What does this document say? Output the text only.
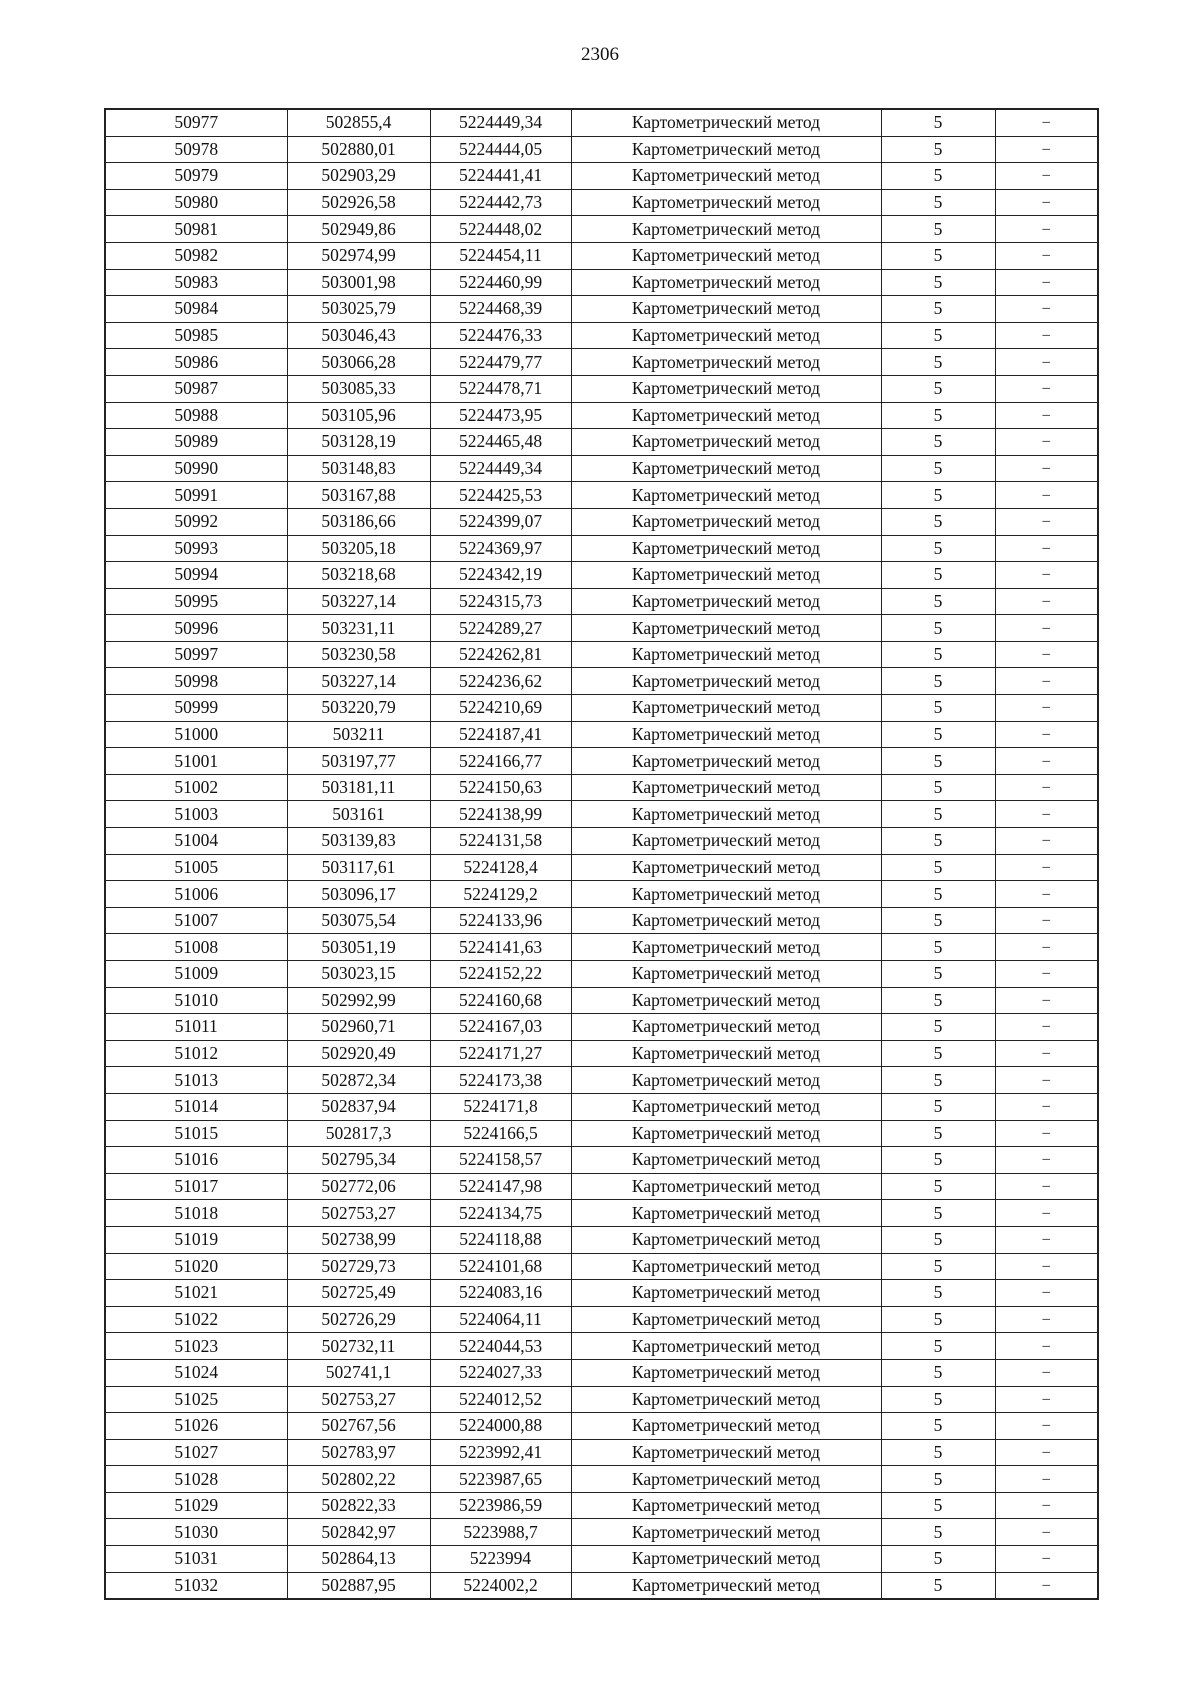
2306
50977	502855,4	5224449,34	Картометрический метод	5	–
50978	502880,01	5224444,05	Картометрический метод	5	–
50979	502903,29	5224441,41	Картометрический метод	5	–
50980	502926,58	5224442,73	Картометрический метод	5	–
50981	502949,86	5224448,02	Картометрический метод	5	–
50982	502974,99	5224454,11	Картометрический метод	5	–
50983	503001,98	5224460,99	Картометрический метод	5	–
50984	503025,79	5224468,39	Картометрический метод	5	–
50985	503046,43	5224476,33	Картометрический метод	5	–
50986	503066,28	5224479,77	Картометрический метод	5	–
50987	503085,33	5224478,71	Картометрический метод	5	–
50988	503105,96	5224473,95	Картометрический метод	5	–
50989	503128,19	5224465,48	Картометрический метод	5	–
50990	503148,83	5224449,34	Картометрический метод	5	–
50991	503167,88	5224425,53	Картометрический метод	5	–
50992	503186,66	5224399,07	Картометрический метод	5	–
50993	503205,18	5224369,97	Картометрический метод	5	–
50994	503218,68	5224342,19	Картометрический метод	5	–
50995	503227,14	5224315,73	Картометрический метод	5	–
50996	503231,11	5224289,27	Картометрический метод	5	–
50997	503230,58	5224262,81	Картометрический метод	5	–
50998	503227,14	5224236,62	Картометрический метод	5	–
50999	503220,79	5224210,69	Картометрический метод	5	–
51000	503211	5224187,41	Картометрический метод	5	–
51001	503197,77	5224166,77	Картометрический метод	5	–
51002	503181,11	5224150,63	Картометрический метод	5	–
51003	503161	5224138,99	Картометрический метод	5	–
51004	503139,83	5224131,58	Картометрический метод	5	–
51005	503117,61	5224128,4	Картометрический метод	5	–
51006	503096,17	5224129,2	Картометрический метод	5	–
51007	503075,54	5224133,96	Картометрический метод	5	–
51008	503051,19	5224141,63	Картометрический метод	5	–
51009	503023,15	5224152,22	Картометрический метод	5	–
51010	502992,99	5224160,68	Картометрический метод	5	–
51011	502960,71	5224167,03	Картометрический метод	5	–
51012	502920,49	5224171,27	Картометрический метод	5	–
51013	502872,34	5224173,38	Картометрический метод	5	–
51014	502837,94	5224171,8	Картометрический метод	5	–
51015	502817,3	5224166,5	Картометрический метод	5	–
51016	502795,34	5224158,57	Картометрический метод	5	–
51017	502772,06	5224147,98	Картометрический метод	5	–
51018	502753,27	5224134,75	Картометрический метод	5	–
51019	502738,99	5224118,88	Картометрический метод	5	–
51020	502729,73	5224101,68	Картометрический метод	5	–
51021	502725,49	5224083,16	Картометрический метод	5	–
51022	502726,29	5224064,11	Картометрический метод	5	–
51023	502732,11	5224044,53	Картометрический метод	5	–
51024	502741,1	5224027,33	Картометрический метод	5	–
51025	502753,27	5224012,52	Картометрический метод	5	–
51026	502767,56	5224000,88	Картометрический метод	5	–
51027	502783,97	5223992,41	Картометрический метод	5	–
51028	502802,22	5223987,65	Картометрический метод	5	–
51029	502822,33	5223986,59	Картометрический метод	5	–
51030	502842,97	5223988,7	Картометрический метод	5	–
51031	502864,13	5223994	Картометрический метод	5	–
51032	502887,95	5224002,2	Картометрический метод	5	–
